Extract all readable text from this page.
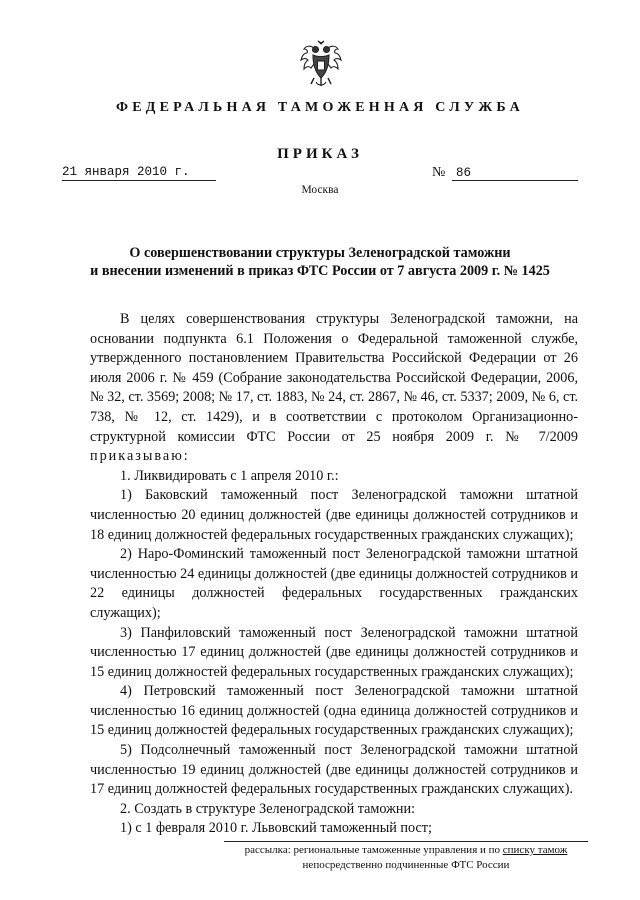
ФЕДЕРАЛЬНАЯ ТАМОЖЕННАЯ СЛУЖБА
ПРИКАЗ
21 января 2010 г.	№ 86
Москва
О совершенствовании структуры Зеленоградской таможни
и внесении изменений в приказ ФТС России от 7 августа 2009 г. № 1425

В целях совершенствования структуры Зеленоградской таможни, на основании подпункта 6.1 Положения о Федеральной таможенной службе, утвержденного постановлением Правительства Российской Федерации от 26 июля 2006 г. № 459 (Собрание законодательства Российской Федерации, 2006, № 32, ст. 3569; 2008; № 17, ст. 1883, № 24, ст. 2867, № 46, ст. 5337; 2009, № 6, ст. 738, № 12, ст. 1429), и в соответствии с протоколом Организационно-структурной комиссии ФТС России от 25 ноября 2009 г. № 7/2009 приказываю:

1. Ликвидировать с 1 апреля 2010 г.:

1) Баковский таможенный пост Зеленоградской таможни штатной численностью 20 единиц должностей (две единицы должностей сотрудников и 18 единиц должностей федеральных государственных гражданских служащих);

2) Наро-Фоминский таможенный пост Зеленоградской таможни штатной численностью 24 единицы должностей (две единицы должностей сотрудников и 22 единицы должностей федеральных государственных гражданских служащих);

3) Панфиловский таможенный пост Зеленоградской таможни штатной численностью 17 единиц должностей (две единицы должностей сотрудников и 15 единиц должностей федеральных государственных гражданских служащих);

4) Петровский таможенный пост Зеленоградской таможни штатной численностью 16 единиц должностей (одна единица должностей сотрудников и 15 единиц должностей федеральных государственных гражданских служащих);

5) Подсолнечный таможенный пост Зеленоградской таможни штатной численностью 19 единиц должностей (две единицы должностей сотрудников и 17 единиц должностей федеральных государственных гражданских служащих).

2. Создать в структуре Зеленоградской таможни:

1) с 1 февраля 2010 г. Львовский таможенный пост;

рассылка: региональные таможенные управления и по списку тамож
непосредственно подчиненные ФТС России
